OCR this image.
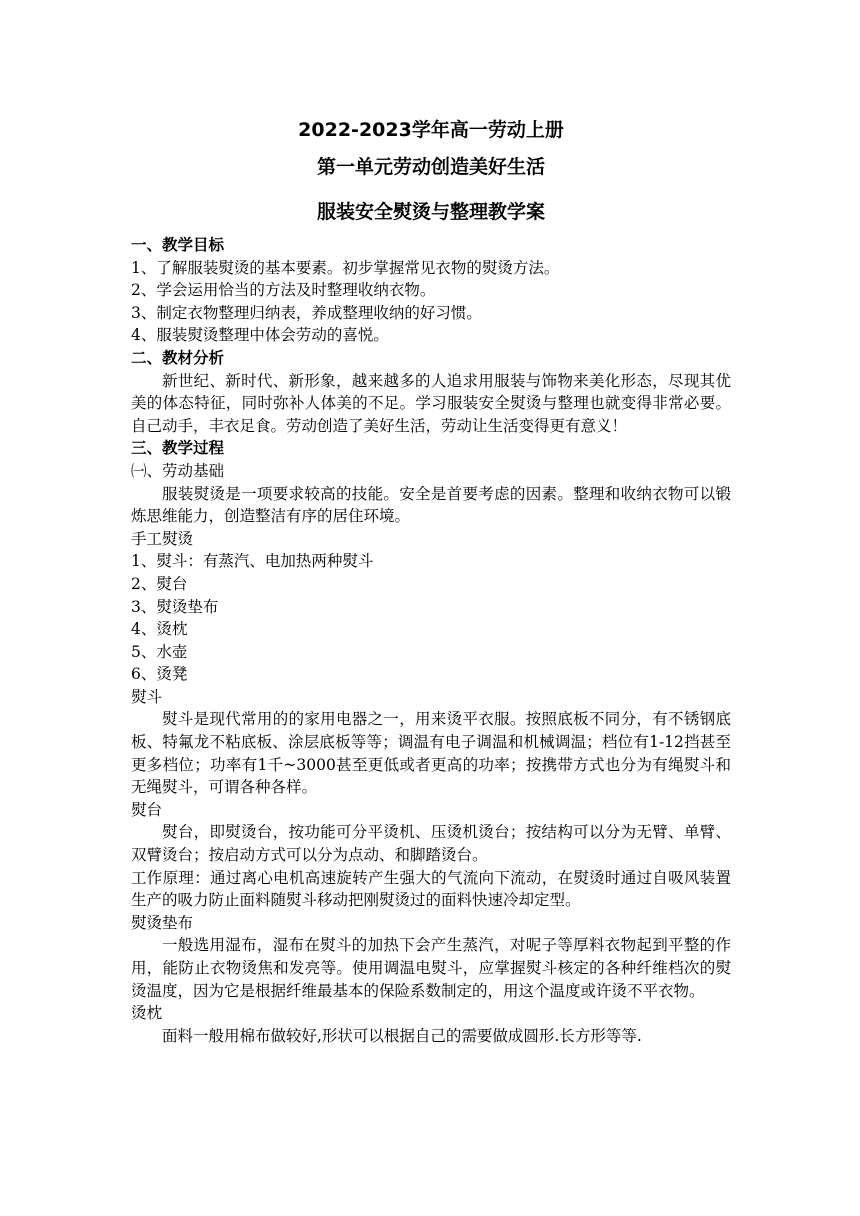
2022-2023学年高一劳动上册

第一单元劳动创造美好生活

服装安全熨烫与整理教学案

一、教学目标

1、了解服装熨烫的基本要素。初步掌握常见衣物的熨烫方法。

2、学会运用恰当的方法及时整理收纳衣物。

3、制定衣物整理归纳表，养成整理收纳的好习惯。

4、服装熨烫整理中体会劳动的喜悦。

二、教材分析

新世纪、新时代、新形象，越来越多的人追求用服装与饰物来美化形态，尽现其优美的体态特征，同时弥补人体美的不足。学习服装安全熨烫与整理也就变得非常必要。自己动手，丰衣足食。劳动创造了美好生活，劳动让生活变得更有意义！

三、教学过程

㈠、劳动基础

服装熨烫是一项要求较高的技能。安全是首要考虑的因素。整理和收纳衣物可以锻炼思维能力，创造整洁有序的居住环境。

手工熨烫

1、熨斗：有蒸汽、电加热两种熨斗

2、熨台

3、熨烫垫布

4、烫枕

5、水壶

6、烫凳

熨斗

熨斗是现代常用的的家用电器之一，用来烫平衣服。按照底板不同分，有不锈钢底板、特氟龙不粘底板、涂层底板等等；调温有电子调温和机械调温；档位有1-12挡甚至更多档位；功率有1千~3000甚至更低或者更高的功率；按携带方式也分为有绳熨斗和无绳熨斗，可谓各种各样。

熨台

熨台，即熨烫台，按功能可分平烫机、压烫机烫台；按结构可以分为无臂、单臂、双臂烫台；按启动方式可以分为点动、和脚踏烫台。

工作原理：通过离心电机高速旋转产生强大的气流向下流动，在熨烫时通过自吸风装置生产的吸力防止面料随熨斗移动把刚熨烫过的面料快速冷却定型。

熨烫垫布

一般选用湿布，湿布在熨斗的加热下会产生蒸汽，对呢子等厚料衣物起到平整的作用，能防止衣物烫焦和发亮等。使用调温电熨斗，应掌握熨斗核定的各种纤维档次的熨烫温度，因为它是根据纤维最基本的保险系数制定的，用这个温度或许烫不平衣物。

烫枕

面料一般用棉布做较好,形状可以根据自己的需要做成圆形.长方形等等.
